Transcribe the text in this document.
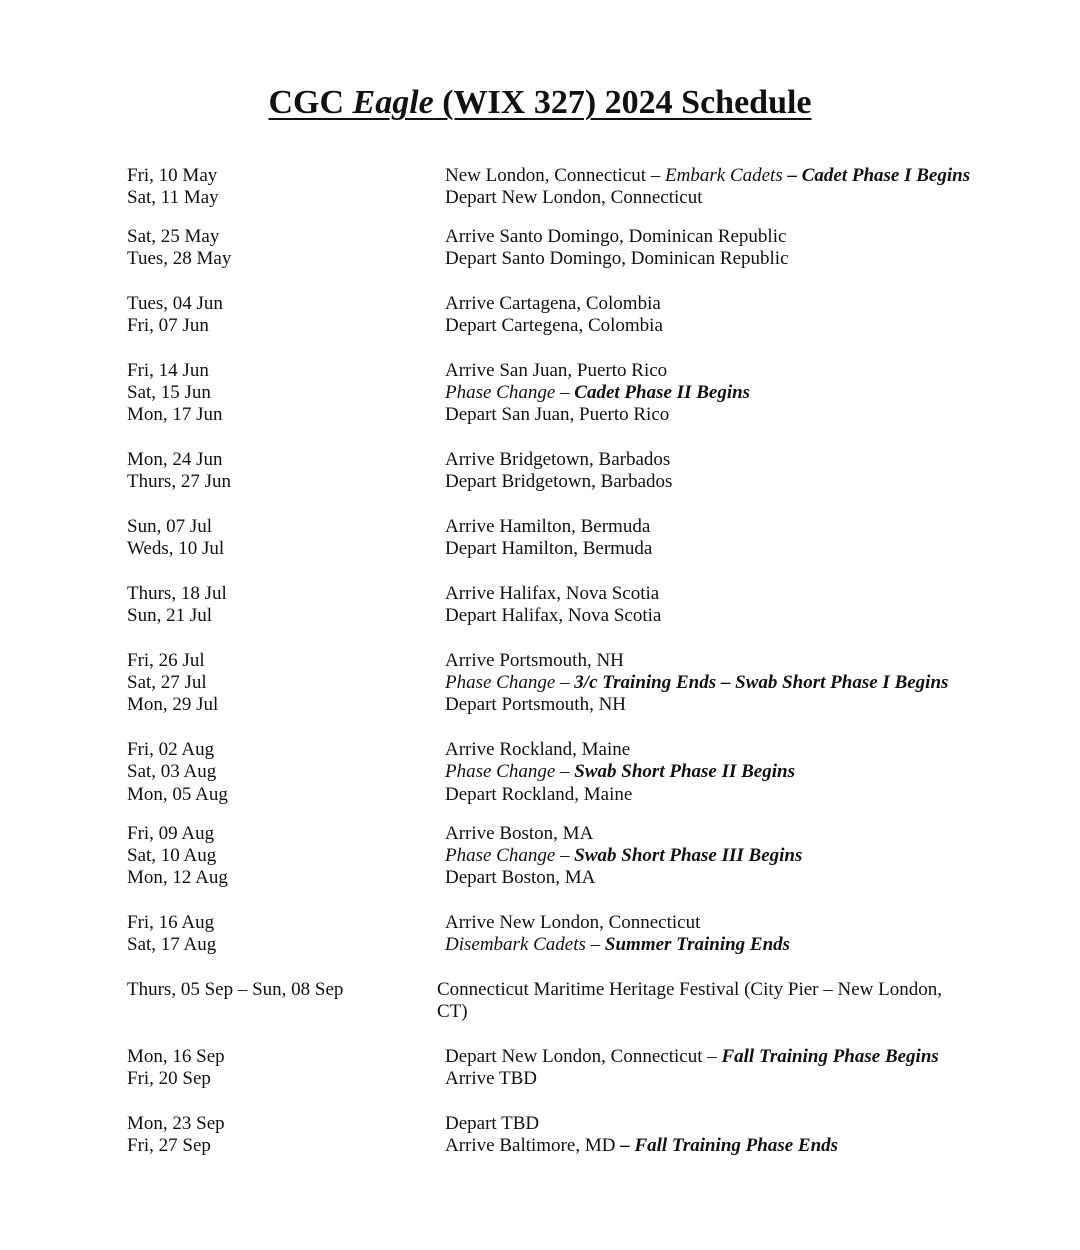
CGC Eagle (WIX 327) 2024 Schedule
Fri, 10 May	New London, Connecticut – Embark Cadets – Cadet Phase I Begins
Sat, 11 May	Depart New London, Connecticut
Sat, 25 May	Arrive Santo Domingo, Dominican Republic
Tues, 28 May	Depart Santo Domingo, Dominican Republic
Tues, 04 Jun	Arrive Cartagena, Colombia
Fri, 07 Jun	Depart Cartegena, Colombia
Fri, 14 Jun	Arrive San Juan, Puerto Rico
Sat, 15 Jun	Phase Change – Cadet Phase II Begins
Mon, 17 Jun	Depart San Juan, Puerto Rico
Mon, 24 Jun	Arrive Bridgetown, Barbados
Thurs, 27 Jun	Depart Bridgetown, Barbados
Sun, 07 Jul	Arrive Hamilton, Bermuda
Weds, 10 Jul	Depart Hamilton, Bermuda
Thurs, 18 Jul	Arrive Halifax, Nova Scotia
Sun, 21 Jul	Depart Halifax, Nova Scotia
Fri, 26 Jul	Arrive Portsmouth, NH
Sat, 27 Jul	Phase Change – 3/c Training Ends – Swab Short Phase I Begins
Mon, 29 Jul	Depart Portsmouth, NH
Fri, 02 Aug	Arrive Rockland, Maine
Sat, 03 Aug	Phase Change – Swab Short Phase II Begins
Mon, 05 Aug	Depart Rockland, Maine
Fri, 09 Aug	Arrive Boston, MA
Sat, 10 Aug	Phase Change – Swab Short Phase III Begins
Mon, 12 Aug	Depart Boston, MA
Fri, 16 Aug	Arrive New London, Connecticut
Sat, 17 Aug	Disembark Cadets – Summer Training Ends
Thurs, 05 Sep – Sun, 08 Sep	Connecticut Maritime Heritage Festival (City Pier – New London, CT)
Mon, 16 Sep	Depart New London, Connecticut – Fall Training Phase Begins
Fri, 20 Sep	Arrive TBD
Mon, 23 Sep	Depart TBD
Fri, 27 Sep	Arrive Baltimore, MD – Fall Training Phase Ends
